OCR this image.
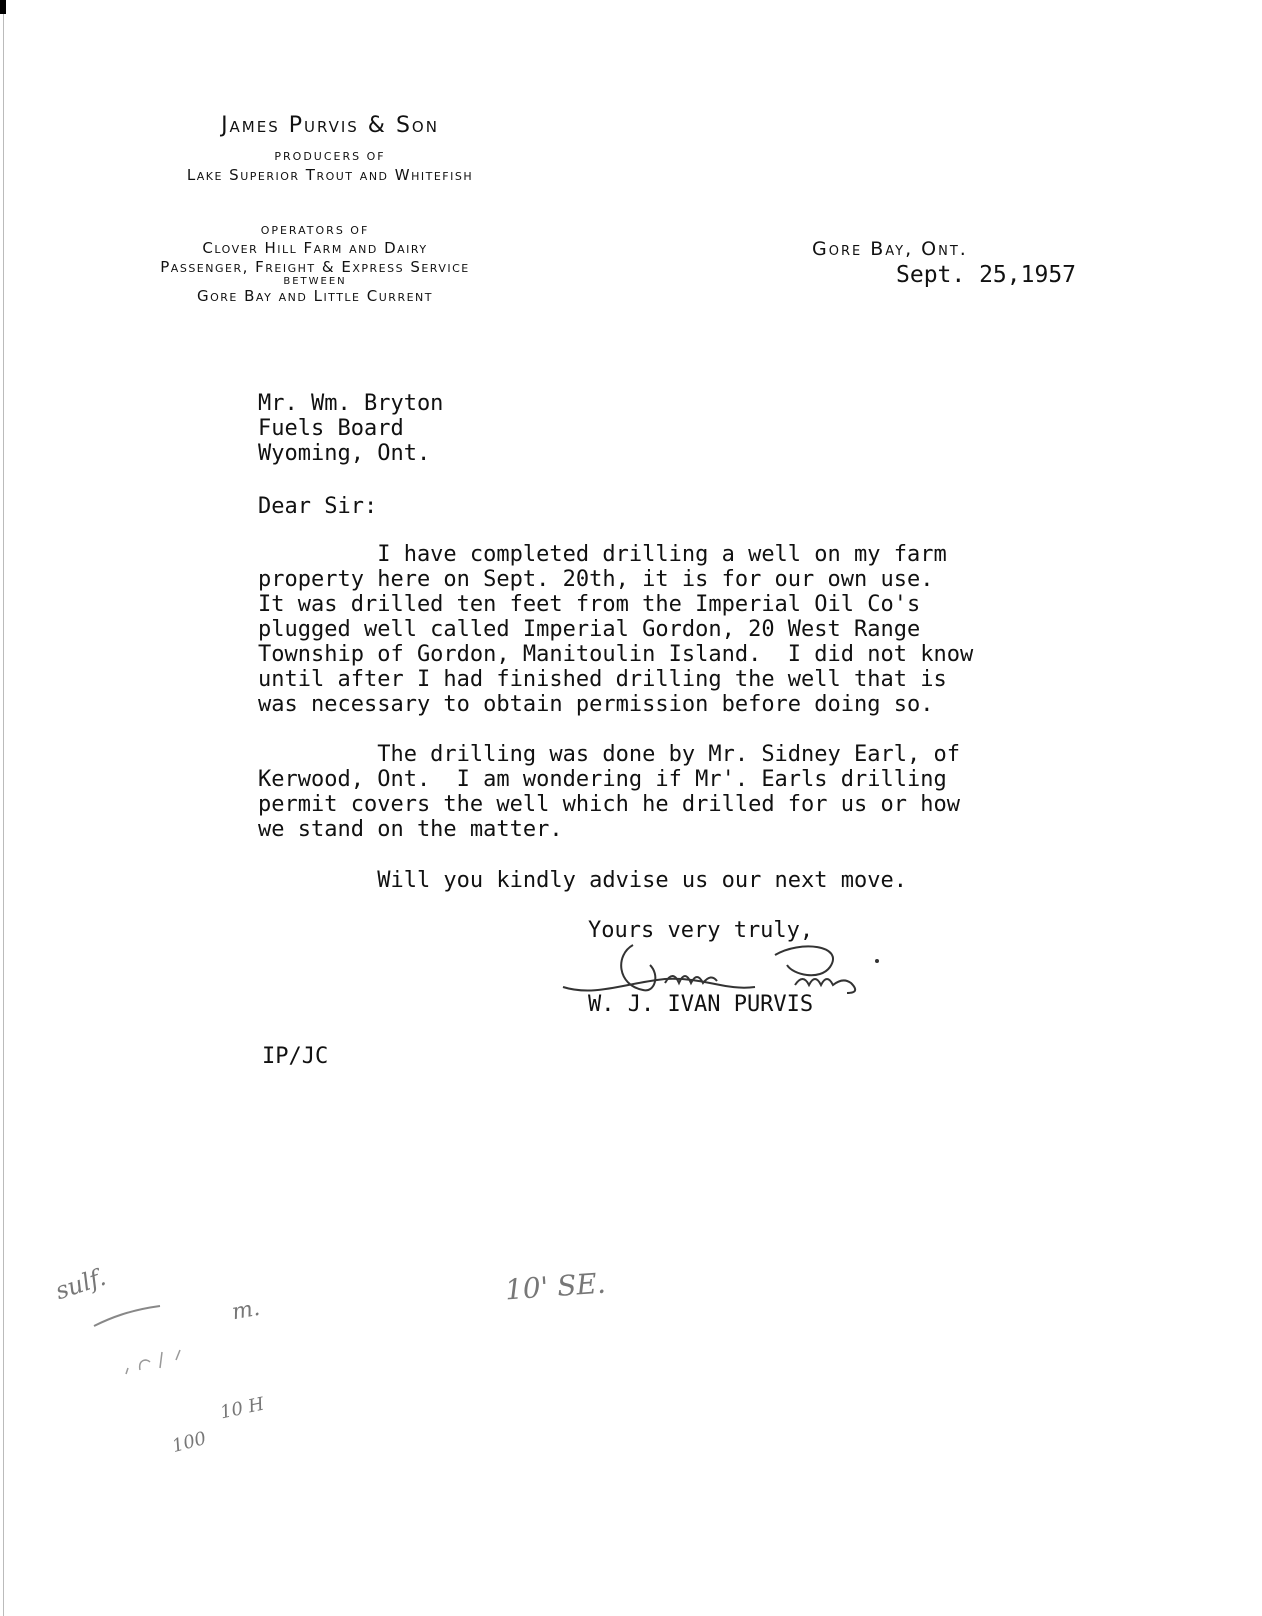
James Purvis & Son
PRODUCERS OF
Lake Superior Trout and Whitefish
OPERATORS OF
Clover Hill Farm and Dairy
Passenger, Freight & Express Service
BETWEEN
Gore Bay and Little Current
Gore Bay, Ont.
Sept. 25,1957
Mr. Wm. Bryton
Fuels Board
Wyoming, Ont.
Dear Sir:
I have completed drilling a well on my farm
property here on Sept. 20th, it is for our own use.
It was drilled ten feet from the Imperial Oil Co's
plugged well called Imperial Gordon, 20 West Range
Township of Gordon, Manitoulin Island.  I did not know
until after I had finished drilling the well that is
was necessary to obtain permission before doing so.
The drilling was done by Mr. Sidney Earl, of
Kerwood, Ont.  I am wondering if Mr'. Earls drilling
permit covers the well which he drilled for us or how
we stand on the matter.
Will you kindly advise us our next move.
Yours very truly,
W. J. IVAN PURVIS
IP/JC
sulf.
m.
10 H
100
10' SE.
